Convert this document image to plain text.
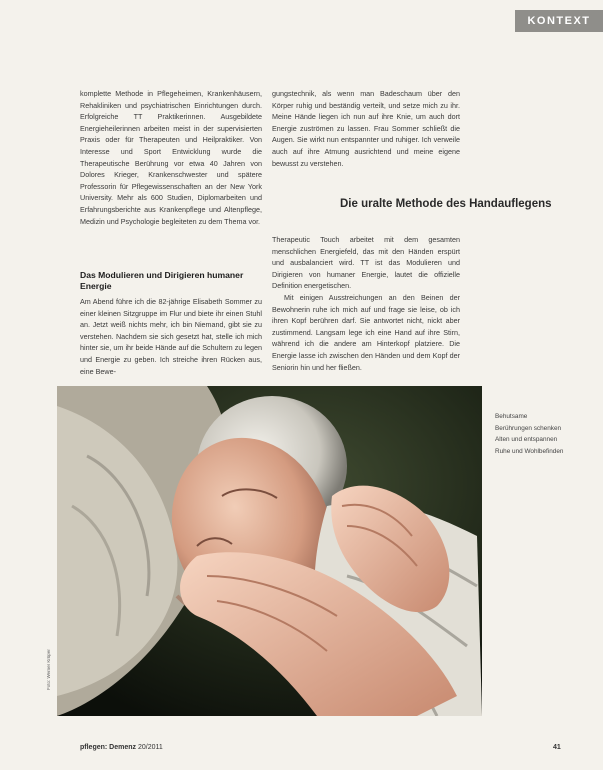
KONTEXT

komplette Methode in Pflegeheimen, Krankenhäusern, Rehakliniken und psychiatrischen Einrichtungen durch. Erfolgreiche TT Praktikerinnen. Ausgebildete Energieheilerinnen arbeiten meist in der supervisierten Praxis oder für Therapeuten und Heilpraktiker. Von Interesse und Sport Entwicklung wurde die Therapeutische Berührung vor etwa 40 Jahren von Dolores Krieger, Krankenschwester und spätere Professorin für Pflegewissenschaften an der New York University. Mehr als 600 Studien, Diplomarbeiten und Erfahrungsberichte aus Krankenpflege und Altenpflege, Medizin und Psychologie begleiteten zu dem Thema vor.

Das Modulieren und Dirigieren humaner Energie

Am Abend führe ich die 82-jährige Elisabeth Sommer zu einer kleinen Sitzgruppe im Flur und biete ihr einen Stuhl an. Jetzt weiß nichts mehr, ich bin Niemand, gibt sie zu verstehen. Nachdem sie sich gesetzt hat, stelle ich mich hinter sie, um ihr beide Hände auf die Schultern zu legen und Energie zu geben. Ich streiche ihren Rücken aus, eine Bewe-

gungstechnik, als wenn man Badeschaum über den Körper ruhig und beständig verteilt, und setze mich zu ihr. Meine Hände liegen ich nun auf ihre Knie, um auch dort Energie zuströmen zu lassen. Frau Sommer schließt die Augen. Sie wirkt nun entspannter und ruhiger. Ich verweile auch auf ihre Atmung ausrichtend und meine eigene bewusst zu verstehen.

Die uralte Methode des Handauflegens

Therapeutic Touch arbeitet mit dem gesamten menschlichen Energiefeld, das mit den Händen erspürt und ausbalanciert wird. TT ist das Modulieren und Dirigieren von humaner Energie, lautet die offizielle Definition energetischen.

Mit einigen Ausstreichungen an den Beinen der Bewohnerin ruhe ich mich auf und frage sie leise, ob ich ihren Kopf berühren darf. Sie antwortet nicht, nickt aber zustimmend. Langsam lege ich eine Hand auf ihre Stirn, während ich die andere am Hinterkopf platziere. Die Energie lasse ich zwischen den Händen und dem Kopf der Seniorin hin und her fließen.

Behutsame Berührungen schenken Alten und entspannen Ruhe und Wohlbefinden
Foto: Werner Krüper
pflegen: Demenz 20/2011	41
